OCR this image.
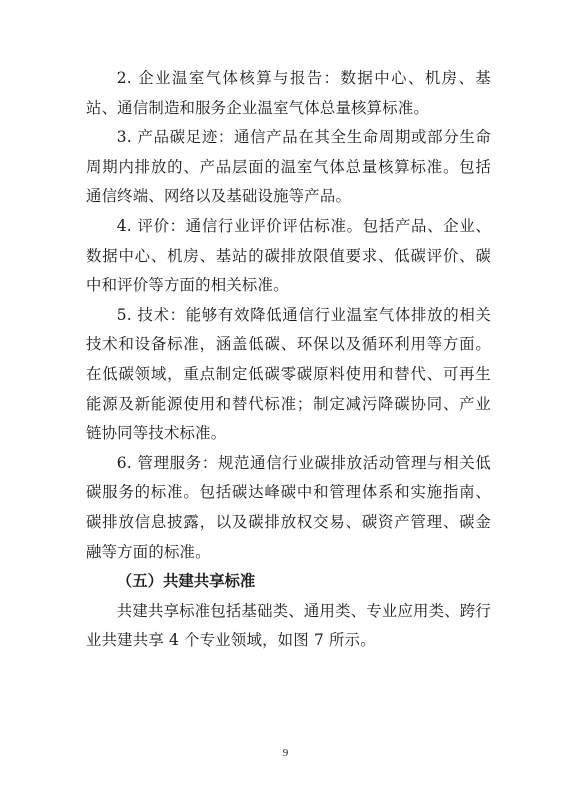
2. 企业温室气体核算与报告：数据中心、机房、基站、通信制造和服务企业温室气体总量核算标准。

3. 产品碳足迹：通信产品在其全生命周期或部分生命周期内排放的、产品层面的温室气体总量核算标准。包括通信终端、网络以及基础设施等产品。

4. 评价：通信行业评价评估标准。包括产品、企业、数据中心、机房、基站的碳排放限值要求、低碳评价、碳中和评价等方面的相关标准。

5. 技术：能够有效降低通信行业温室气体排放的相关技术和设备标准，涵盖低碳、环保以及循环利用等方面。在低碳领域，重点制定低碳零碳原料使用和替代、可再生能源及新能源使用和替代标准；制定减污降碳协同、产业链协同等技术标准。

6. 管理服务：规范通信行业碳排放活动管理与相关低碳服务的标准。包括碳达峰碳中和管理体系和实施指南、碳排放信息披露，以及碳排放权交易、碳资产管理、碳金融等方面的标准。

（五）共建共享标准

共建共享标准包括基础类、通用类、专业应用类、跨行业共建共享 4 个专业领域，如图 7 所示。

9
